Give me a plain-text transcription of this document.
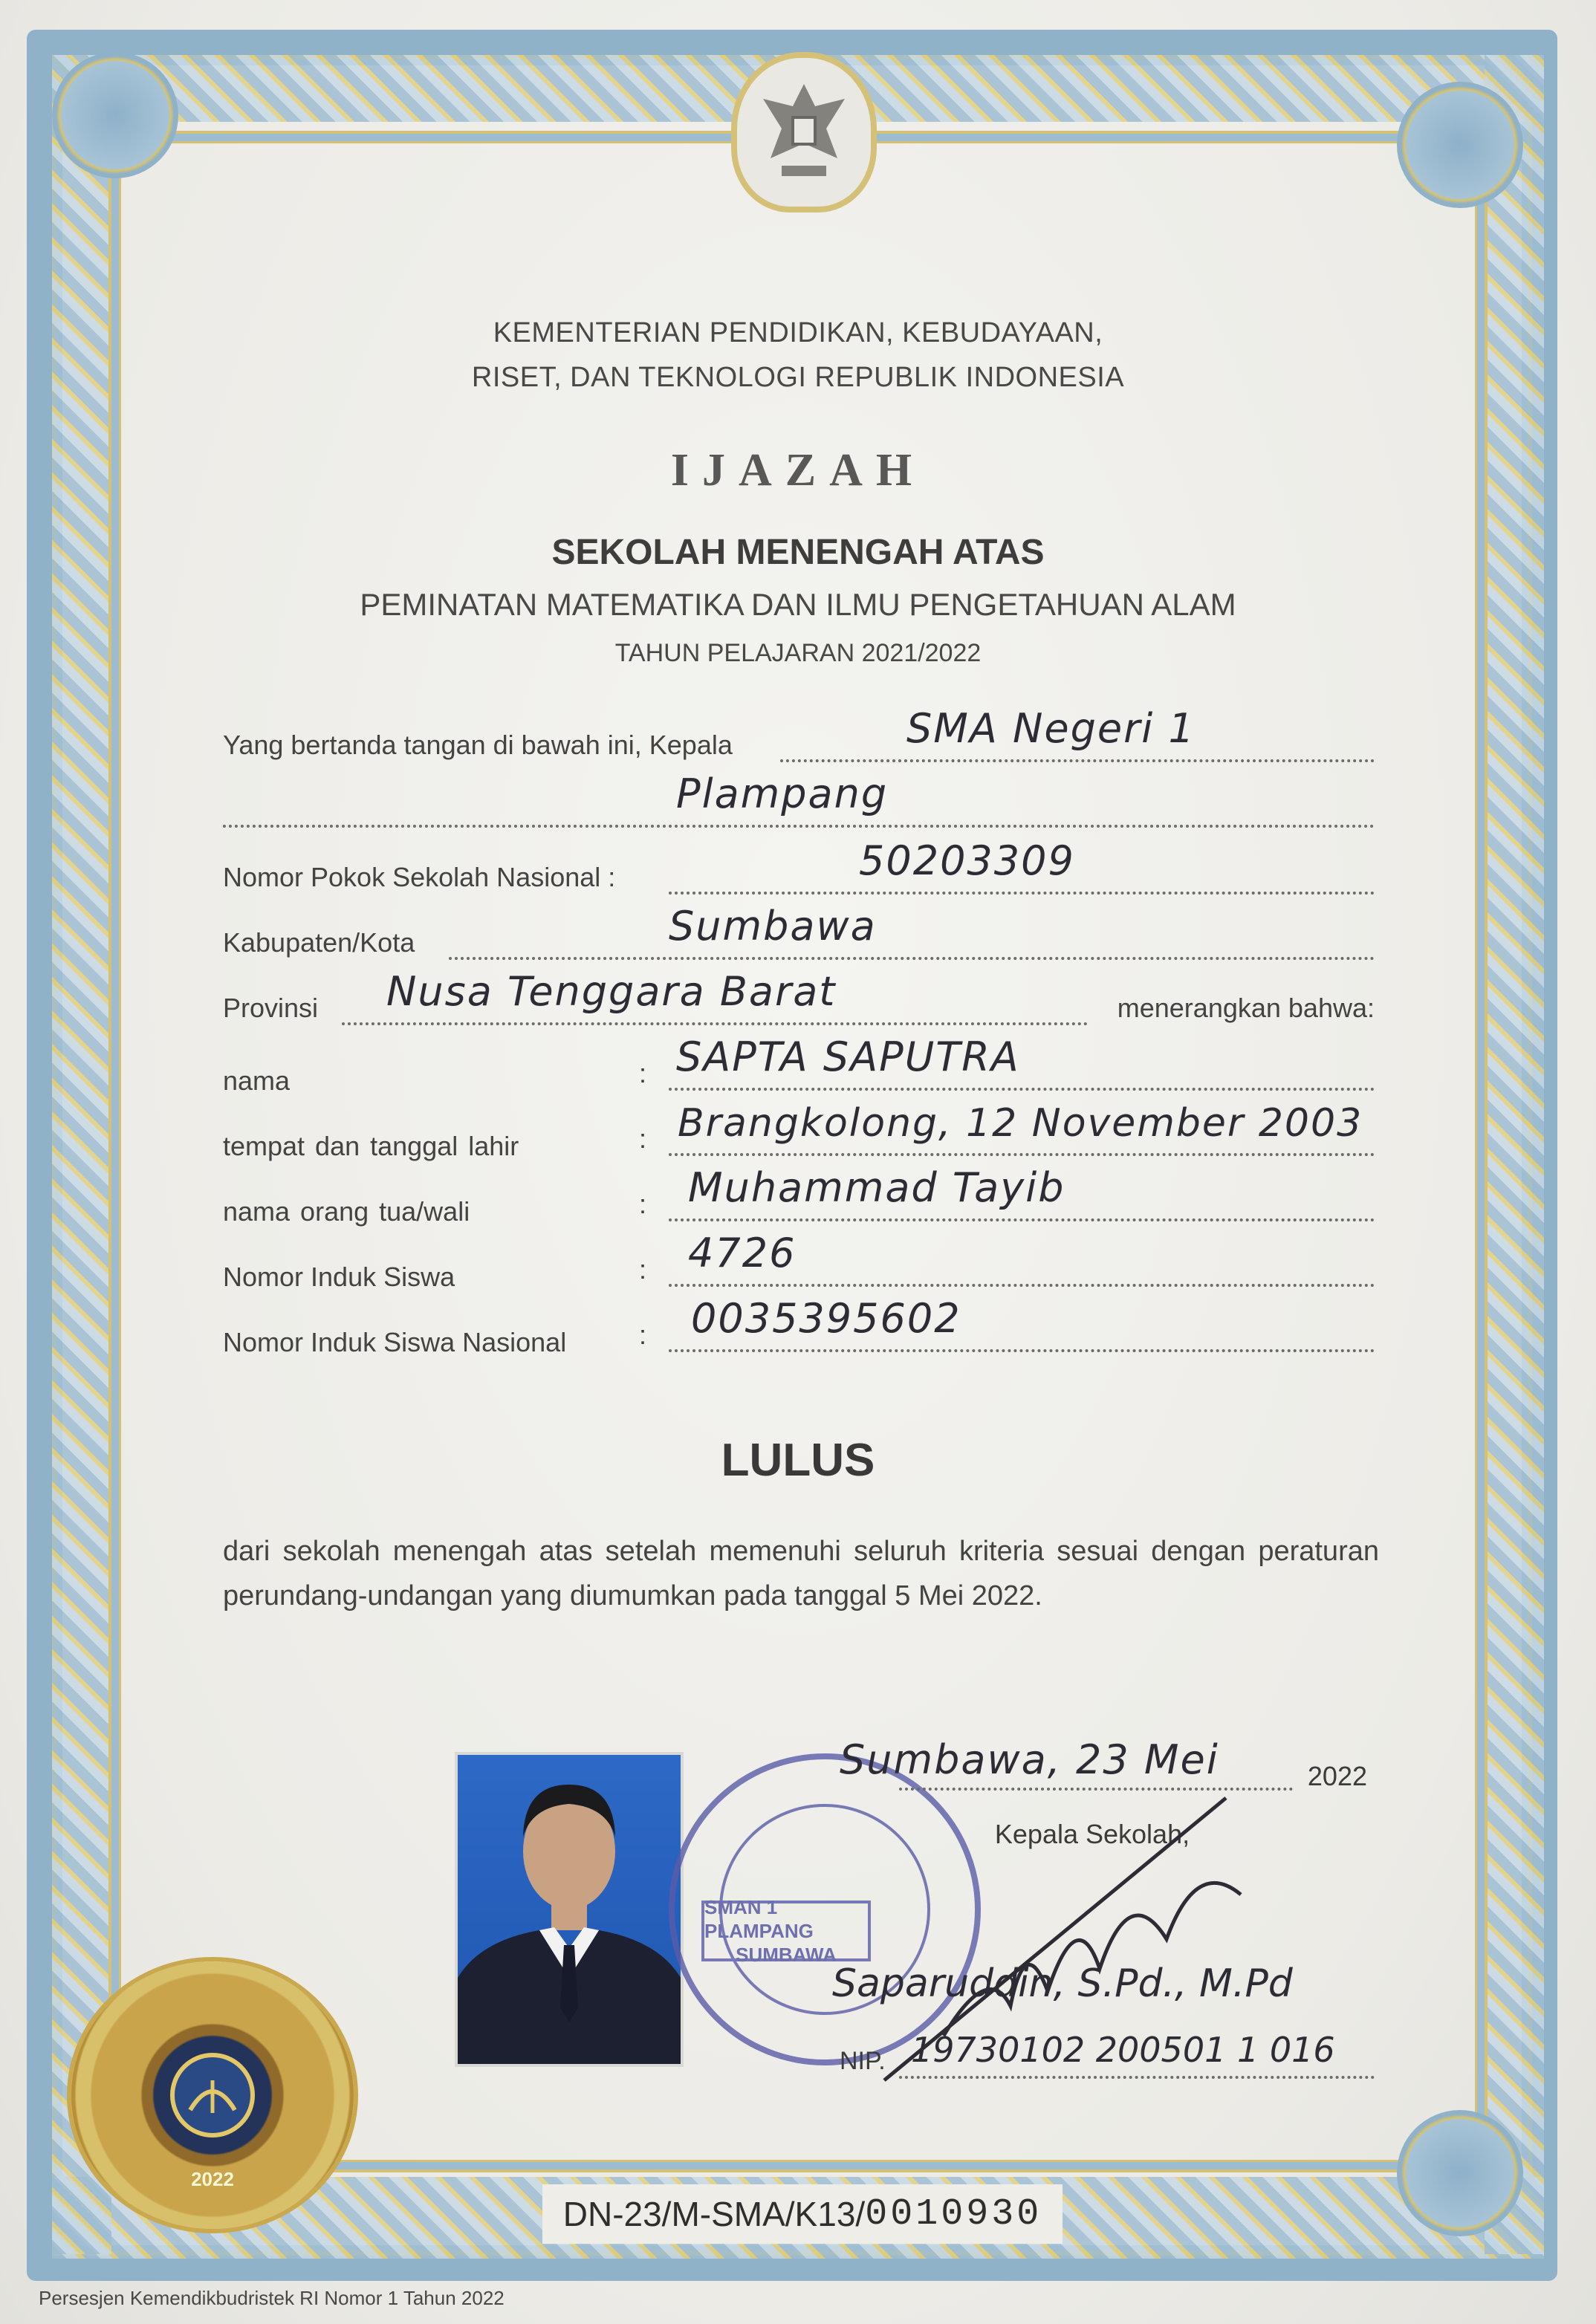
KEMENTERIAN PENDIDIKAN, KEBUDAYAAN,
RISET, DAN TEKNOLOGI REPUBLIK INDONESIA
IJAZAH
SEKOLAH MENENGAH ATAS
PEMINATAN MATEMATIKA DAN ILMU PENGETAHUAN ALAM
TAHUN PELAJARAN 2021/2022
Yang bertanda tangan di bawah ini, Kepala	SMA Negeri 1
Plampang
Nomor Pokok Sekolah Nasional :	50203309
Kabupaten/Kota	Sumbawa
Provinsi Nusa Tenggara Barat	menerangkan bahwa:
nama	: SAPTA SAPUTRA
tempat dan tanggal lahir	: Brangkolong, 12 November 2003
nama orang tua/wali	: Muhammad Tayib
Nomor Induk Siswa	: 4726
Nomor Induk Siswa Nasional	: 0035395602
LULUS
dari sekolah menengah atas setelah memenuhi seluruh kriteria sesuai dengan peraturan perundang-undangan yang diumumkan pada tanggal 5 Mei 2022.
SMAN 1 PLAMPANG
SUMBAWA
Sumbawa, 23 Mei	2022
Kepala Sekolah,
Saparuddin, S.Pd., M.Pd
NIP. 19730102 200501 1 016
2022
DN-23/M-SMA/K13/ 0010930
Persesjen Kemendikbudristek RI Nomor 1 Tahun 2022
